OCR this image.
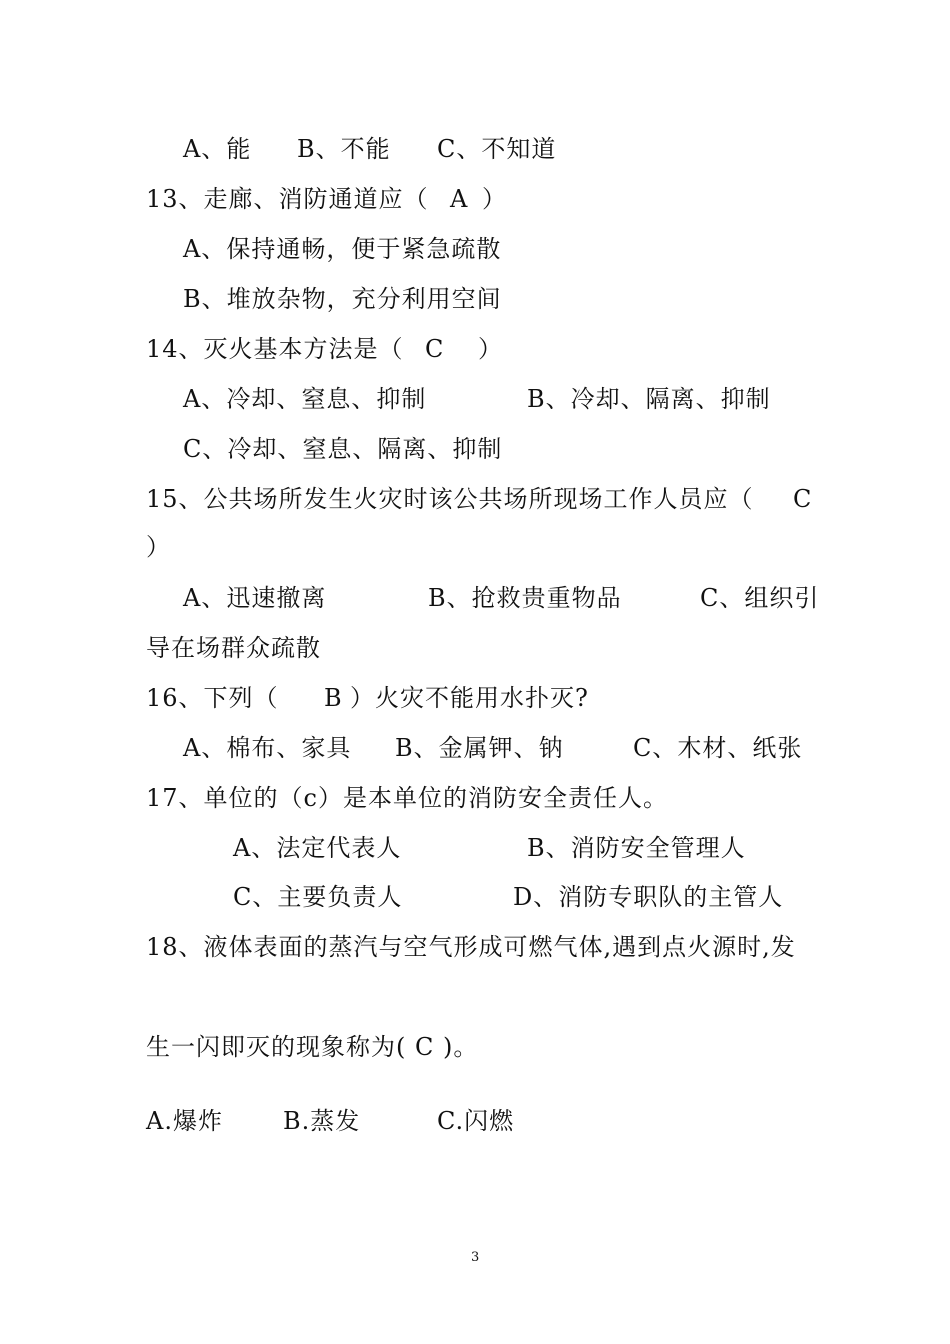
A、能 B、不能 C、不知道
13、走廊、消防通道应（ A ）
A、保持通畅，便于紧急疏散
B、堆放杂物，充分利用空间
14、灭火基本方法是（ C ）
A、冷却、窒息、抑制	B、冷却、隔离、抑制
C、冷却、窒息、隔离、抑制
15、公共场所发生火灾时该公共场所现场工作人员应（ C
）
A、迅速撤离	B、抢救贵重物品	C、组织引
导在场群众疏散
16、下列（ B ）火灾不能用水扑灭?
A、棉布、家具 B、金属钾、钠	C、木材、纸张
17、单位的（c）是本单位的消防安全责任人。
A、法定代表人	B、消防安全管理人
C、主要负责人	D、消防专职队的主管人
18、液体表面的蒸汽与空气形成可燃气体,遇到点火源时,发
生一闪即灭的现象称为( C )。
A.爆炸	B.蒸发	C.闪燃
3
